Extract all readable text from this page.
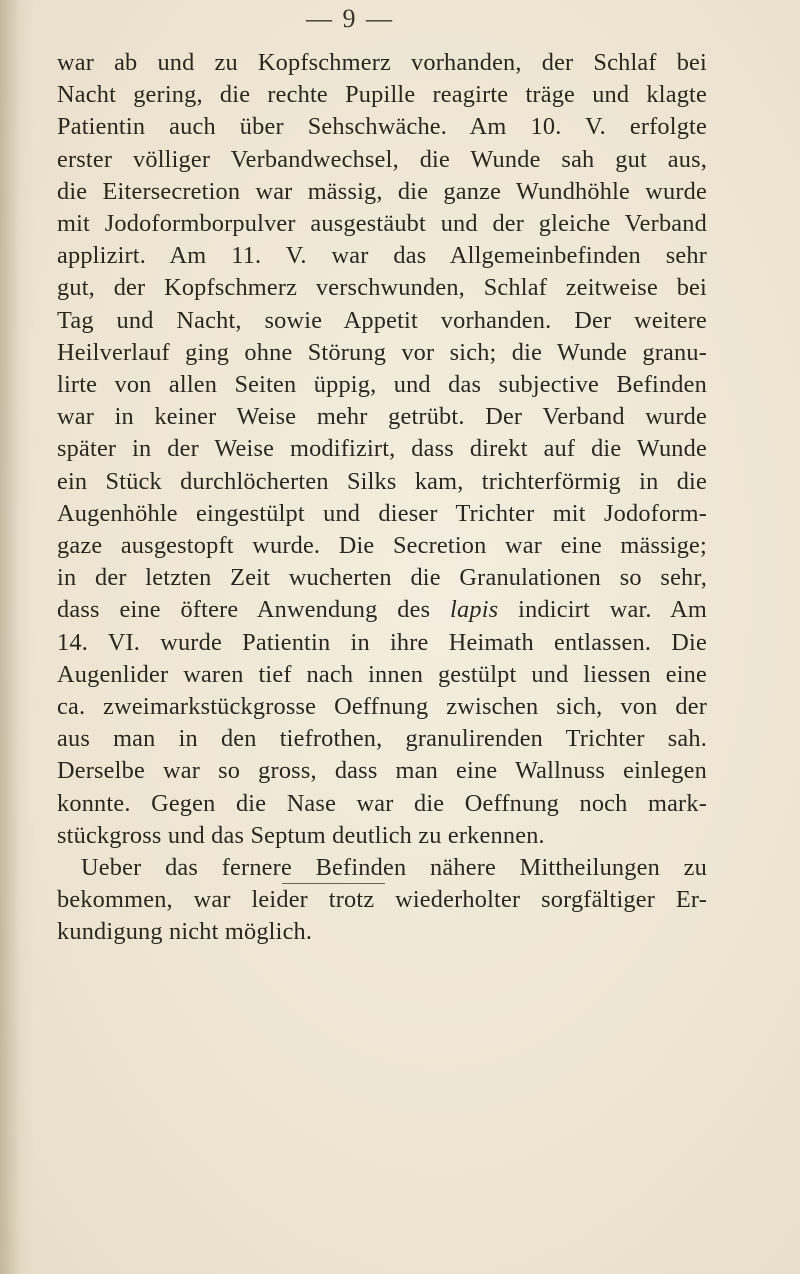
— 9 —
war ab und zu Kopfschmerz vorhanden, der Schlaf bei
Nacht gering, die rechte Pupille reagirte träge und klagte
Patientin auch über Sehschwäche. Am 10. V. erfolgte
erster völliger Verbandwechsel, die Wunde sah gut aus,
die Eitersecretion war mässig, die ganze Wundhöhle wurde
mit Jodoformborpulver ausgestäubt und der gleiche Verband
applizirt. Am 11. V. war das Allgemeinbefinden sehr
gut, der Kopfschmerz verschwunden, Schlaf zeitweise bei
Tag und Nacht, sowie Appetit vorhanden. Der weitere
Heilverlauf ging ohne Störung vor sich; die Wunde granu-
lirte von allen Seiten üppig, und das subjective Befinden
war in keiner Weise mehr getrübt. Der Verband wurde
später in der Weise modifizirt, dass direkt auf die Wunde
ein Stück durchlöcherten Silks kam, trichterförmig in die
Augenhöhle eingestülpt und dieser Trichter mit Jodoform-
gaze ausgestopft wurde. Die Secretion war eine mässige;
in der letzten Zeit wucherten die Granulationen so sehr,
dass eine öftere Anwendung des lapis indicirt war. Am
14. VI. wurde Patientin in ihre Heimath entlassen. Die
Augenlider waren tief nach innen gestülpt und liessen eine
ca. zweimarkstückgrosse Oeffnung zwischen sich, von der
aus man in den tiefrothen, granulirenden Trichter sah.
Derselbe war so gross, dass man eine Wallnuss einlegen
konnte. Gegen die Nase war die Oeffnung noch mark-
stückgross und das Septum deutlich zu erkennen.
Ueber das fernere Befinden nähere Mittheilungen zu
bekommen, war leider trotz wiederholter sorgfältiger Er-
kundigung nicht möglich.
